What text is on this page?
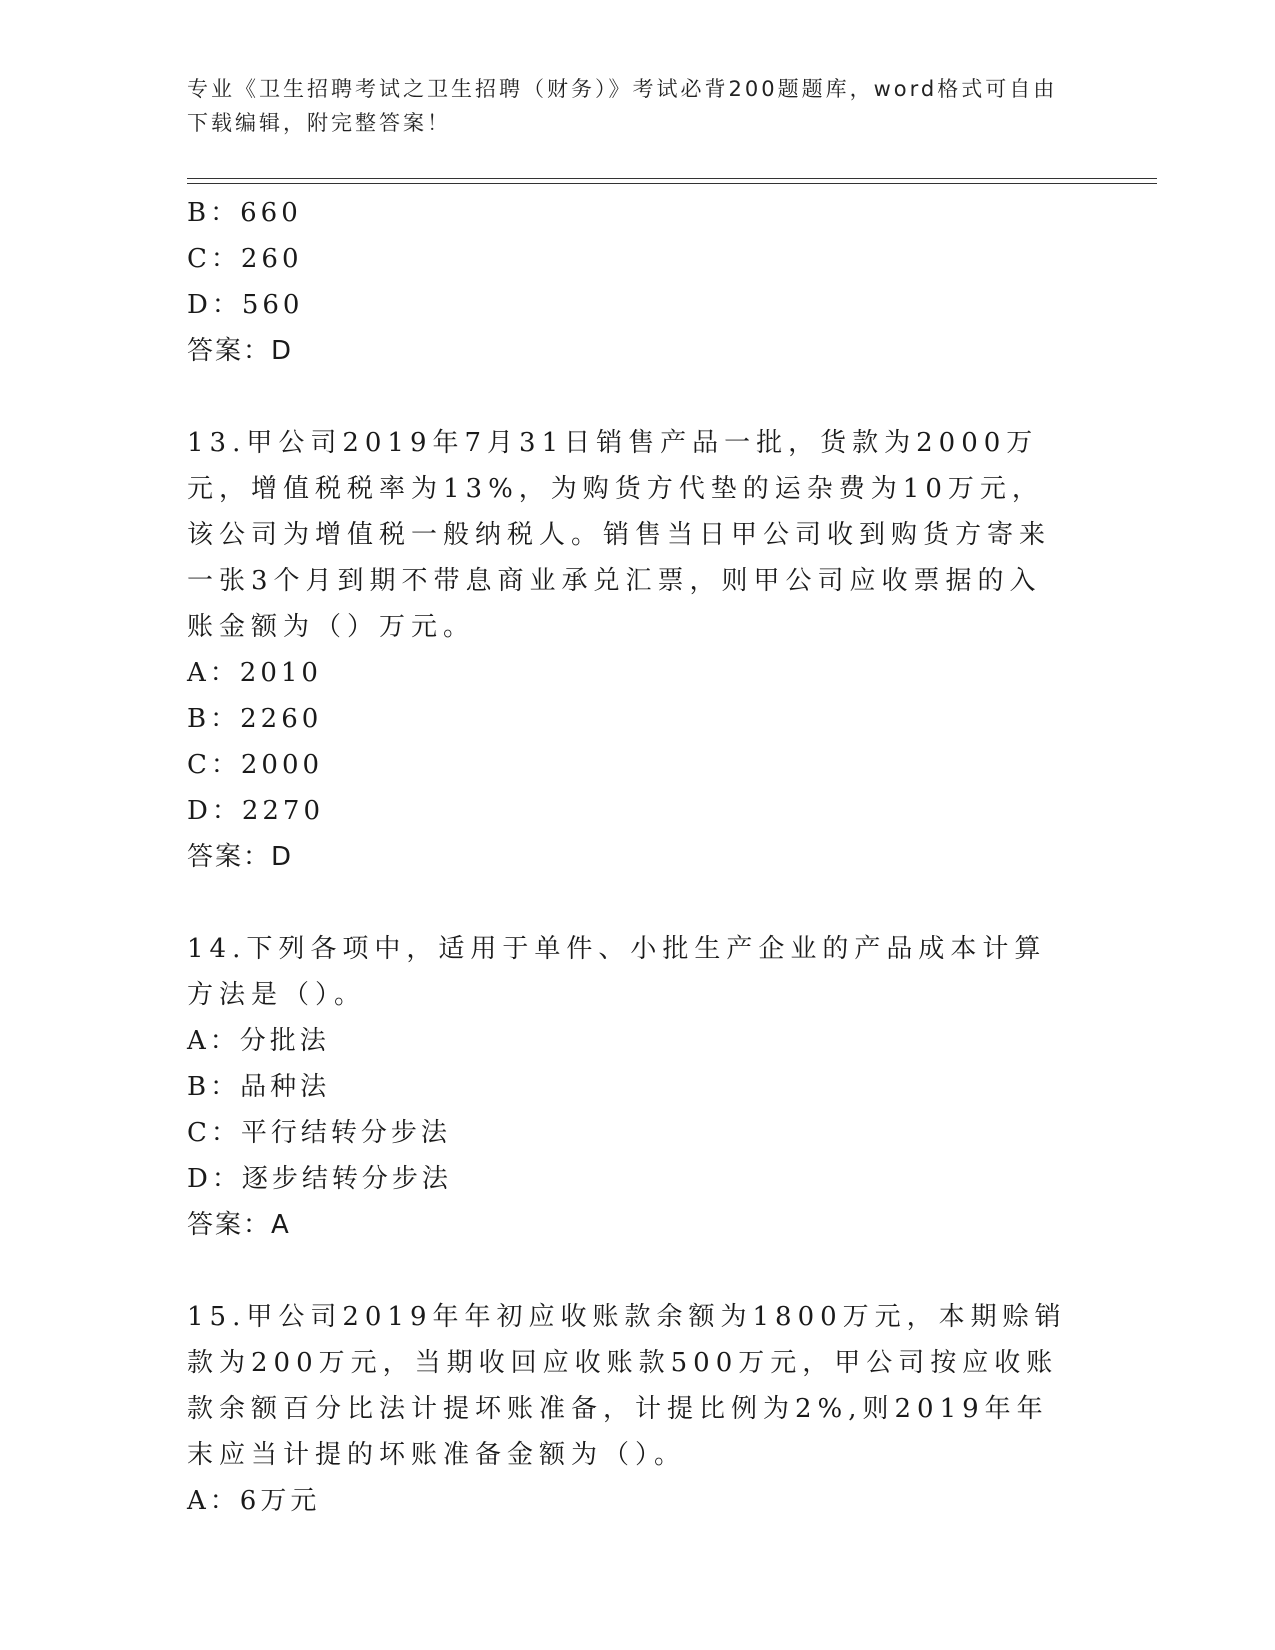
专业《卫生招聘考试之卫生招聘（财务）》考试必背200题题库，word格式可自由下载编辑，附完整答案！
B：660
C：260
D：560
答案：D
13.甲公司2019年7月31日销售产品一批，货款为2000万元，增值税税率为13%，为购货方代垫的运杂费为10万元，该公司为增值税一般纳税人。销售当日甲公司收到购货方寄来一张3个月到期不带息商业承兑汇票，则甲公司应收票据的入账金额为（）万元。
A：2010
B：2260
C：2000
D：2270
答案：D
14.下列各项中，适用于单件、小批生产企业的产品成本计算方法是（）。
A：分批法
B：品种法
C：平行结转分步法
D：逐步结转分步法
答案：A
15.甲公司2019年年初应收账款余额为1800万元，本期赊销款为200万元，当期收回应收账款500万元，甲公司按应收账款余额百分比法计提坏账准备，计提比例为2%,则2019年年末应当计提的坏账准备金额为（）。
A：6万元
